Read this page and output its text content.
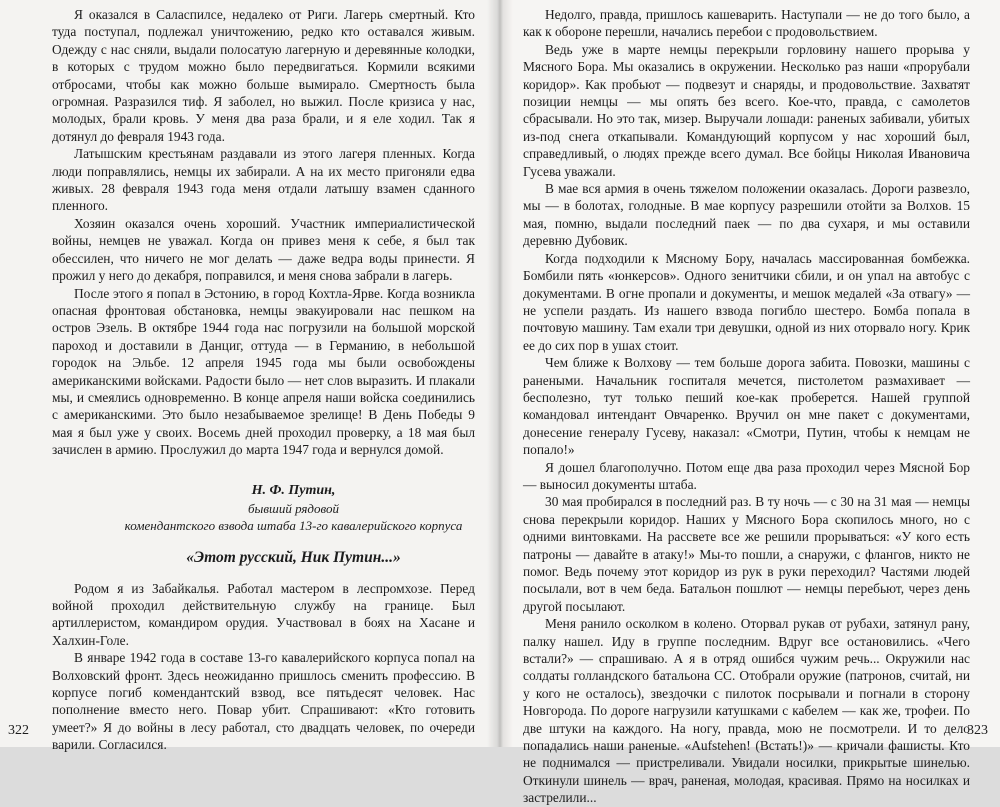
Я оказался в Саласпилсе, недалеко от Риги. Лагерь смертный. Кто туда поступал, подлежал уничтожению, редко кто оставался живым. Одежду с нас сняли, выдали полосатую лагерную и деревянные колодки, в которых с трудом можно было передвигаться. Кормили всякими отбросами, чтобы как можно больше вымирало. Смертность была огромная. Разразился тиф. Я заболел, но выжил. После кризиса у нас, молодых, брали кровь. У меня два раза брали, и я еле ходил. Так я дотянул до февраля 1943 года.

Латышским крестьянам раздавали из этого лагеря пленных. Когда люди поправлялись, немцы их забирали. А на их место пригоняли едва живых. 28 февраля 1943 года меня отдали латышу взамен сданного пленного.

Хозяин оказался очень хороший. Участник империалистической войны, немцев не уважал. Когда он привез меня к себе, я был так обессилен, что ничего не мог делать — даже ведра воды принести. Я прожил у него до декабря, поправился, и меня снова забрали в лагерь.

После этого я попал в Эстонию, в город Кохтла-Ярве. Когда возникла опасная фронтовая обстановка, немцы эвакуировали нас пешком на остров Эзель. В октябре 1944 года нас погрузили на большой морской пароход и доставили в Данциг, оттуда — в Германию, в небольшой городок на Эльбе. 12 апреля 1945 года мы были освобождены американскими войсками. Радости было — нет слов выразить. И плакали мы, и смеялись одновременно. В конце апреля наши войска соединились с американскими. Это было незабываемое зрелище! В День Победы 9 мая я был уже у своих. Восемь дней проходил проверку, а 18 мая был зачислен в армию. Прослужил до марта 1947 года и вернулся домой.

Н. Ф. Путин,
бывший рядовой
комендантского взвода штаба 13-го кавалерийского корпуса
«Этот русский, Ник Путин...»

Родом я из Забайкалья. Работал мастером в леспромхозе. Перед войной проходил действительную службу на границе. Был артиллеристом, командиром орудия. Участвовал в боях на Хасане и Халхин-Голе.

В январе 1942 года в составе 13-го кавалерийского корпуса попал на Волховский фронт. Здесь неожиданно пришлось сменить профессию. В корпусе погиб комендантский взвод, все пятьдесят человек. Нас пополнение вместо него. Повар убит. Спрашивают: «Кто готовить умеет?» Я до войны в лесу работал, сто двадцать человек, по очереди варили. Согласился.

322

Недолго, правда, пришлось кашеварить. Наступали — не до того было, а как к обороне перешли, начались перебои с продовольствием.

Ведь уже в марте немцы перекрыли горловину нашего прорыва у Мясного Бора. Мы оказались в окружении. Несколько раз наши «прорубали коридор». Как пробьют — подвезут и снаряды, и продовольствие. Захватят позиции немцы — мы опять без всего. Кое-что, правда, с самолетов сбрасывали. Но это так, мизер. Выручали лошади: раненых забивали, убитых из-под снега откапывали. Командующий корпусом у нас хороший был, справедливый, о людях прежде всего думал. Все бойцы Николая Ивановича Гусева уважали.

В мае вся армия в очень тяжелом положении оказалась. Дороги развезло, мы — в болотах, голодные. В мае корпусу разрешили отойти за Волхов. 15 мая, помню, выдали последний паек — по два сухаря, и мы оставили деревню Дубовик.

Когда подходили к Мясному Бору, началась массированная бомбежка. Бомбили пять «юнкерсов». Одного зенитчики сбили, и он упал на автобус с документами. В огне пропали и документы, и мешок медалей «За отвагу» — не успели раздать. Из нашего взвода погибло шестеро. Бомба попала в почтовую машину. Там ехали три девушки, одной из них оторвало ногу. Крик ее до сих пор в ушах стоит.

Чем ближе к Волхову — тем больше дорога забита. Повозки, машины с ранеными. Начальник госпиталя мечется, пистолетом размахивает — бесполезно, тут только пеший кое-как проберется. Нашей группой командовал интендант Овчаренко. Вручил он мне пакет с документами, донесение генералу Гусеву, наказал: «Смотри, Путин, чтобы к немцам не попало!»

Я дошел благополучно. Потом еще два раза проходил через Мясной Бор — выносил документы штаба.

30 мая пробирался в последний раз. В ту ночь — с 30 на 31 мая — немцы снова перекрыли коридор. Наших у Мясного Бора скопилось много, но с одними винтовками. На рассвете все же решили прорываться: «У кого есть патроны — давайте в атаку!» Мы-то пошли, а снаружи, с флангов, никто не помог. Ведь почему этот коридор из рук в руки переходил? Частями людей посылали, вот в чем беда. Батальон пошлют — немцы перебьют, через день другой посылают.

Меня ранило осколком в колено. Оторвал рукав от рубахи, затянул рану, палку нашел. Иду в группе последним. Вдруг все остановились. «Чего встали?» — спрашиваю. А я в отряд ошибся чужим речь... Окружили нас солдаты голландского батальона СС. Отобрали оружие (патронов, считай, ни у кого не осталось), звездочки с пилоток посрывали и погнали в сторону Новгорода. По дороге нагрузили катушками с кабелем — как же, трофеи. По две штуки на каждого. На ногу, правда, мою не посмотрели. И то дело попадались наши раненые. «Aufstehen! (Встать!)» — кричали фашисты. Кто не поднимался — пристреливали. Увидали носилки, прикрытые шинелью. Откинули шинель — врач, раненая, молодая, красивая. Прямо на носилках и застрелили...

323
